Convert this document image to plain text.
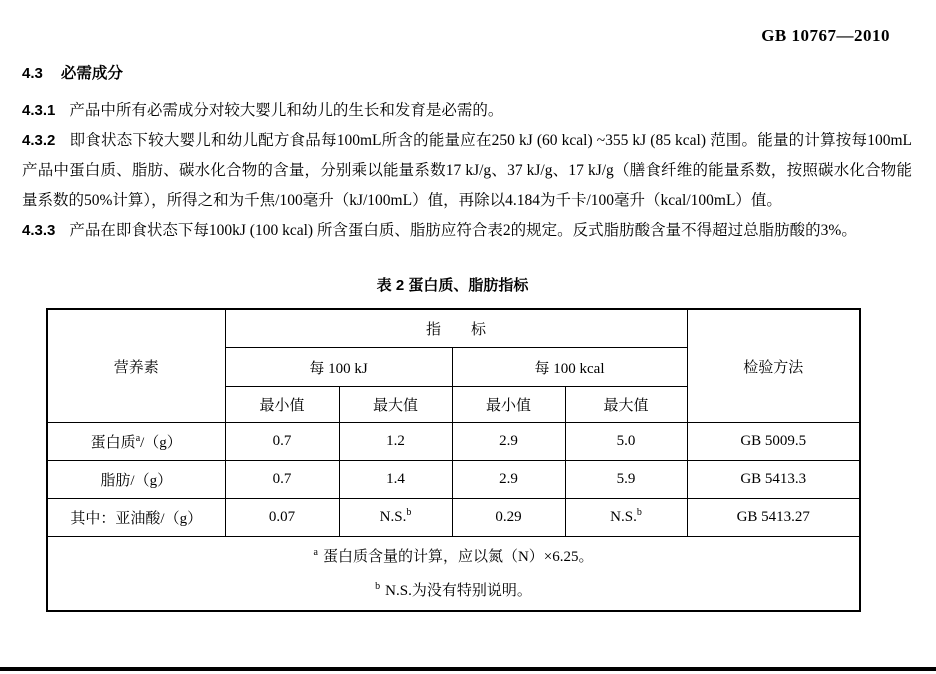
GB 10767—2010
4.3 必需成分

4.3.1 产品中所有必需成分对较大婴儿和幼儿的生长和发育是必需的。

4.3.2 即食状态下较大婴儿和幼儿配方食品每100mL所含的能量应在250 kJ (60 kcal) ~355 kJ (85 kcal) 范围。能量的计算按每100mL产品中蛋白质、脂肪、碳水化合物的含量，分别乘以能量系数17 kJ/g、37 kJ/g、17 kJ/g（膳食纤维的能量系数，按照碳水化合物能量系数的50%计算），所得之和为千焦/100毫升（kJ/100mL）值，再除以4.184为千卡/100毫升（kcal/100mL）值。

4.3.3 产品在即食状态下每100kJ (100 kcal) 所含蛋白质、脂肪应符合表2的规定。反式脂肪酸含量不得超过总脂肪酸的3%。

表 2 蛋白质、脂肪指标
营养素	指　　标				检验方法
	每 100 kJ		每 100 kcal		
	最小值	最大值	最小值	最大值	
蛋白质$^a$/（g）	0.7	1.2	2.9	5.0	GB 5009.5
脂肪/（g）	0.7	1.4	2.9	5.9	GB 5413.3
其中：亚油酸/（g）	0.07	N.S.$^b$	0.29	N.S.$^b$	GB 5413.27

$^a$ 蛋白质含量的计算，应以氮（N）×6.25。
$^b$ N.S.为没有特别说明。					
